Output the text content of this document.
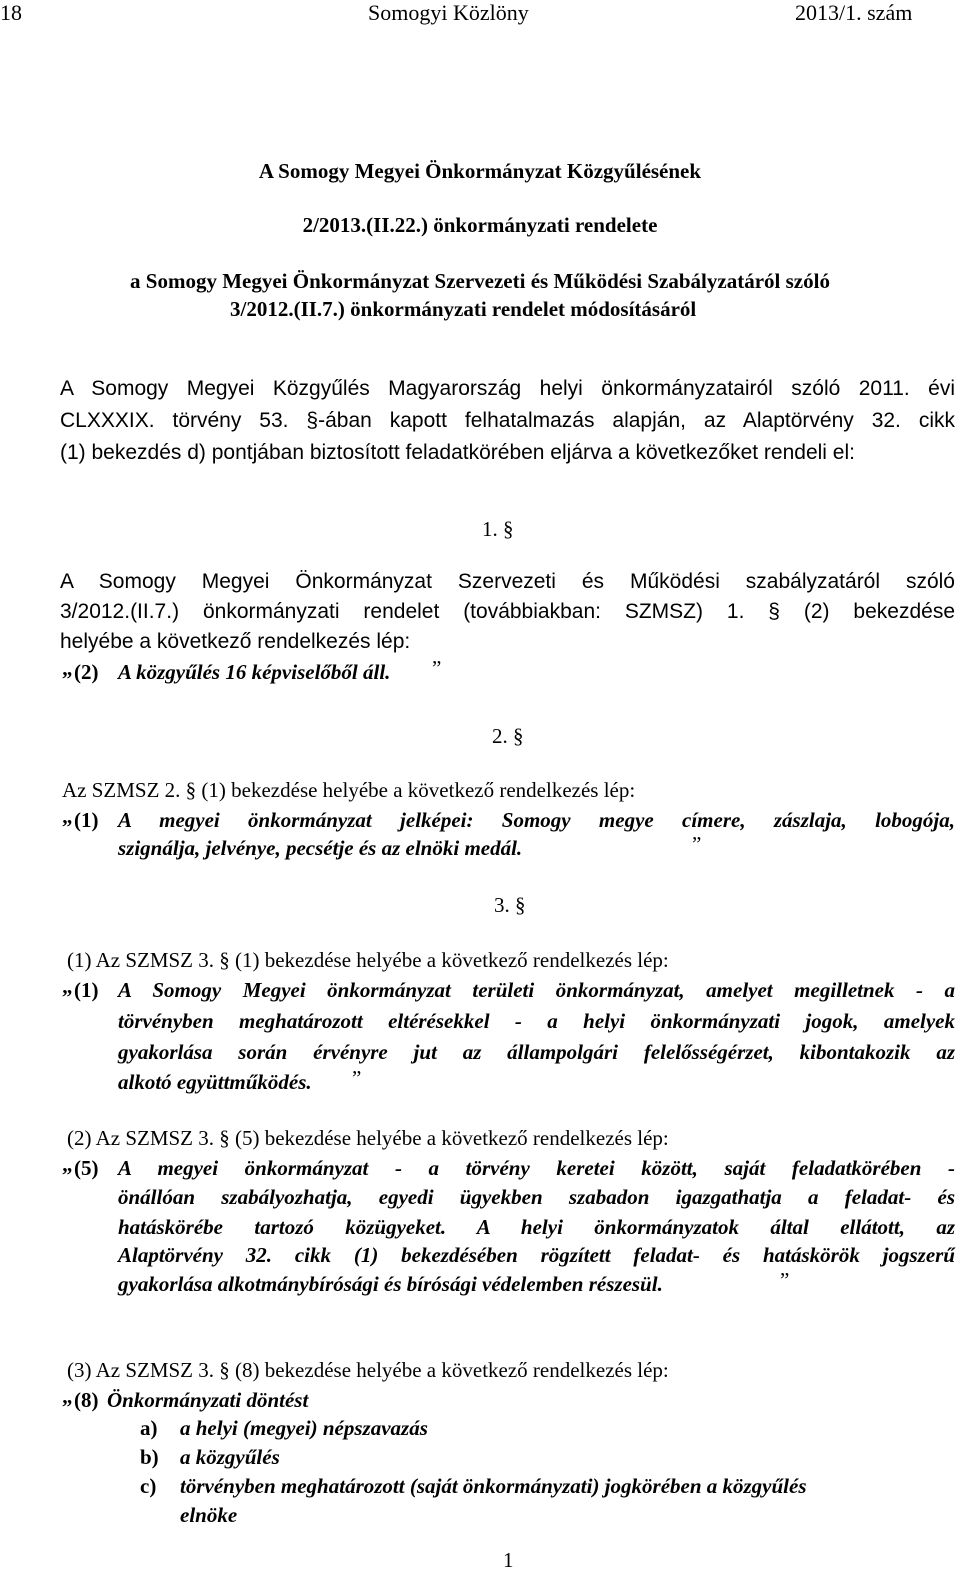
18	Somogyi Közlöny	2013/1. szám
A Somogy Megyei Önkormányzat Közgyűlésének
2/2013.(II.22.) önkormányzati rendelete
a Somogy Megyei Önkormányzat Szervezeti és Működési Szabályzatáról szóló
3/2012.(II.7.) önkormányzati rendelet módosításáról
A Somogy Megyei Közgyűlés Magyarország helyi önkormányzatairól szóló 2011. évi
CLXXXIX. törvény 53. §-ában kapott felhatalmazás alapján, az Alaptörvény 32. cikk
(1) bekezdés d) pontjában biztosított feladatkörében eljárva a következőket rendeli el:
1. §
A Somogy Megyei Önkormányzat Szervezeti és Működési szabályzatáról szóló
3/2012.(II.7.) önkormányzati rendelet (továbbiakban: SZMSZ) 1. § (2) bekezdése
helyébe a következő rendelkezés lép:
„ (2) A közgyűlés 16 képviselőből áll. ”
2. §
Az SZMSZ 2. § (1) bekezdése helyébe a következő rendelkezés lép:
„ (1) A megyei önkormányzat jelképei: Somogy megye címere, zászlaja, lobogója,
szignálja, jelvénye, pecsétje és az elnöki medál.	”
3. §
(1) Az SZMSZ 3. § (1) bekezdése helyébe a következő rendelkezés lép:
„ (1) A Somogy Megyei önkormányzat területi önkormányzat, amelyet megilletnek - a
törvényben meghatározott eltérésekkel - a helyi önkormányzati jogok, amelyek
gyakorlása során érvényre jut az állampolgári felelősségérzet, kibontakozik az
alkotó együttműködés. ”
(2) Az SZMSZ 3. § (5) bekezdése helyébe a következő rendelkezés lép:
„ (5) A megyei önkormányzat - a törvény keretei között, saját feladatkörében -
önállóan szabályozhatja, egyedi ügyekben szabadon igazgathatja a feladat- és
hatáskörébe tartozó közügyeket. A helyi önkormányzatok által ellátott, az
Alaptörvény 32. cikk (1) bekezdésében rögzített feladat- és hatáskörök jogszerű
gyakorlása alkotmánybírósági és bírósági védelemben részesül.	”
(3) Az SZMSZ 3. § (8) bekezdése helyébe a következő rendelkezés lép:
„ (8) Önkormányzati döntést
a) a helyi (megyei) népszavazás
b) a közgyűlés
c) törvényben meghatározott (saját önkormányzati) jogkörében a közgyűlés
elnöke
1
